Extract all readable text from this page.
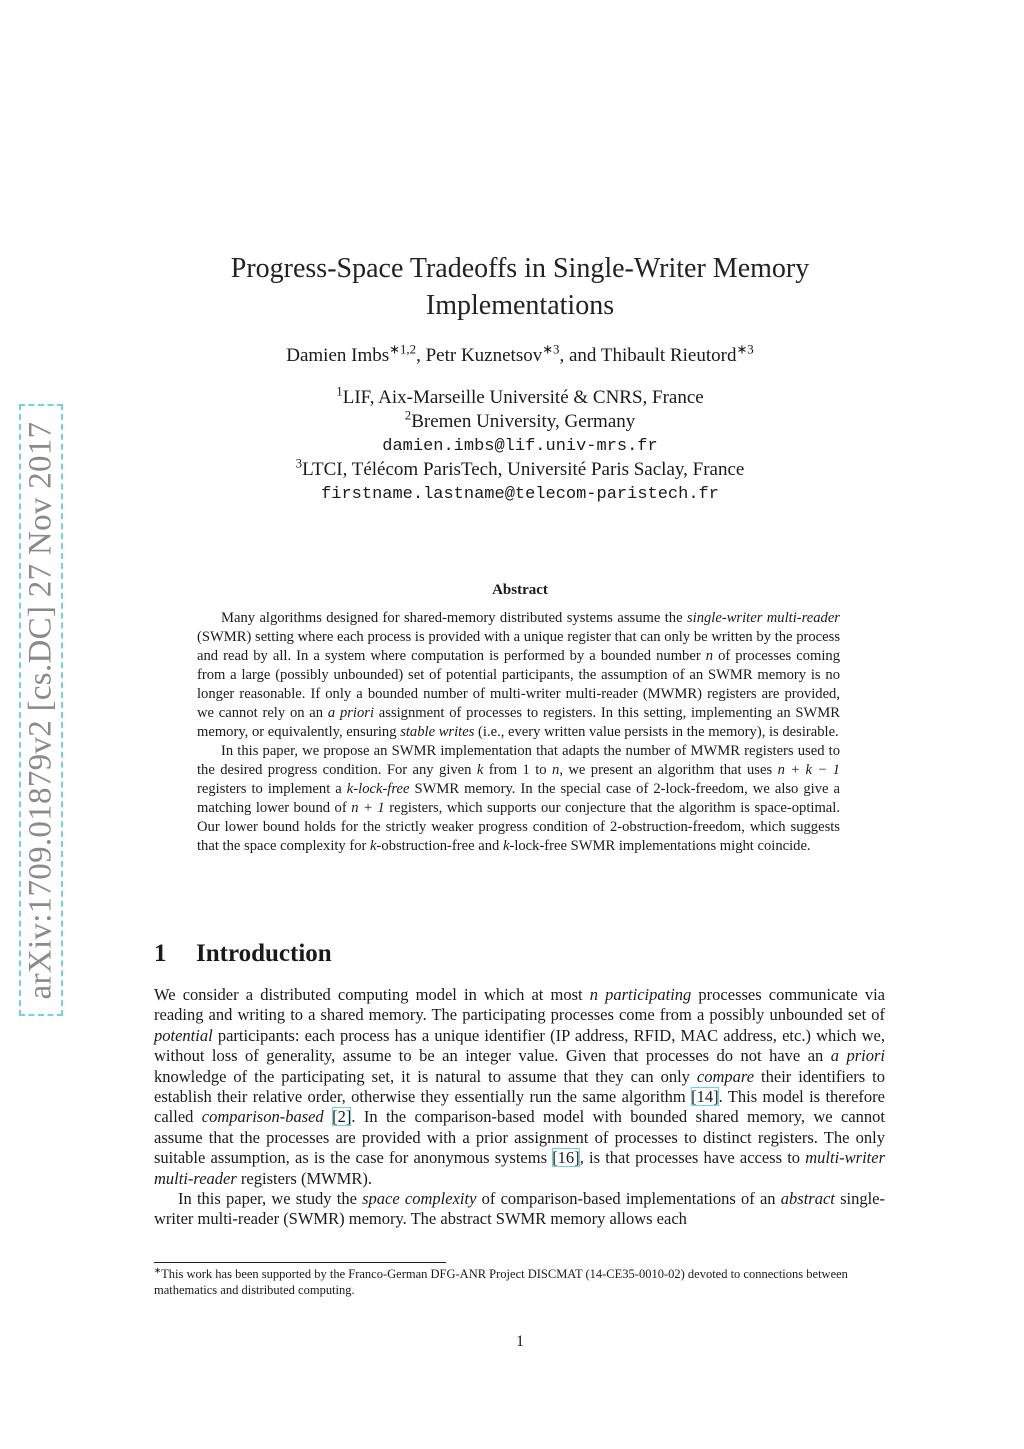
arXiv:1709.01879v2 [cs.DC] 27 Nov 2017
Progress-Space Tradeoffs in Single-Writer Memory
Implementations
Damien Imbs$^{∗1,2}$, Petr Kuznetsov$^{∗3}$, and Thibault Rieutord$^{∗3}$
$^1$LIF, Aix-Marseille Université & CNRS, France
$^2$Bremen University, Germany
damien.imbs@lif.univ-mrs.fr
$^3$LTCI, Télécom ParisTech, Université Paris Saclay, France
firstname.lastname@telecom-paristech.fr
Abstract

Many algorithms designed for shared-memory distributed systems assume the single-writer multi-reader (SWMR) setting where each process is provided with a unique register that can only be written by the process and read by all. In a system where computation is performed by a bounded number n of processes coming from a large (possibly unbounded) set of potential participants, the assumption of an SWMR memory is no longer reasonable. If only a bounded number of multi-writer multi-reader (MWMR) registers are provided, we cannot rely on an a priori assignment of processes to registers. In this setting, implementing an SWMR memory, or equivalently, ensuring stable writes (i.e., every written value persists in the memory), is desirable.

In this paper, we propose an SWMR implementation that adapts the number of MWMR registers used to the desired progress condition. For any given k from 1 to n, we present an algorithm that uses n + k − 1 registers to implement a k-lock-free SWMR memory. In the special case of 2-lock-freedom, we also give a matching lower bound of n + 1 registers, which supports our conjecture that the algorithm is space-optimal. Our lower bound holds for the strictly weaker progress condition of 2-obstruction-freedom, which suggests that the space complexity for k-obstruction-free and k-lock-free SWMR implementations might coincide.

1 Introduction

We consider a distributed computing model in which at most n participating processes communicate via reading and writing to a shared memory. The participating processes come from a possibly unbounded set of potential participants: each process has a unique identifier (IP address, RFID, MAC address, etc.) which we, without loss of generality, assume to be an integer value. Given that processes do not have an a priori knowledge of the participating set, it is natural to assume that they can only compare their identifiers to establish their relative order, otherwise they essentially run the same algorithm [14]. This model is therefore called comparison-based [2]. In the comparison-based model with bounded shared memory, we cannot assume that the processes are provided with a prior assignment of processes to distinct registers. The only suitable assumption, as is the case for anonymous systems [16], is that processes have access to multi-writer multi-reader registers (MWMR).

In this paper, we study the space complexity of comparison-based implementations of an abstract single-writer multi-reader (SWMR) memory. The abstract SWMR memory allows each

∗This work has been supported by the Franco-German DFG-ANR Project DISCMAT (14-CE35-0010-02) devoted to connections between mathematics and distributed computing.
1
